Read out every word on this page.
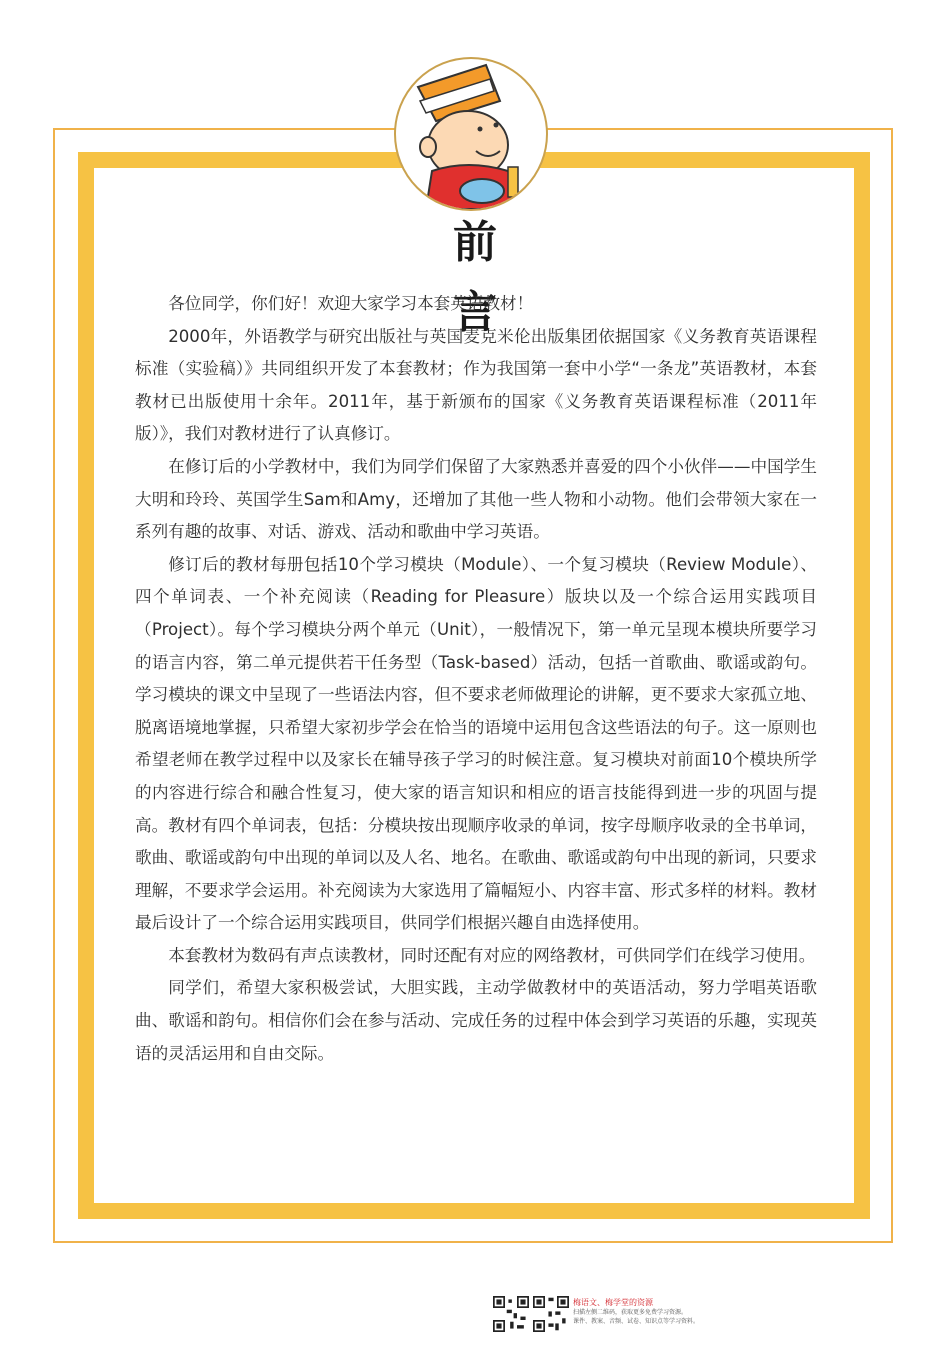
前言

各位同学，你们好！欢迎大家学习本套英语教材！

2000年，外语教学与研究出版社与英国麦克米伦出版集团依据国家《义务教育英语课程标准（实验稿）》共同组织开发了本套教材；作为我国第一套中小学“一条龙”英语教材，本套教材已出版使用十余年。2011年，基于新颁布的国家《义务教育英语课程标准（2011年版）》，我们对教材进行了认真修订。

在修订后的小学教材中，我们为同学们保留了大家熟悉并喜爱的四个小伙伴——中国学生大明和玲玲、英国学生Sam和Amy，还增加了其他一些人物和小动物。他们会带领大家在一系列有趣的故事、对话、游戏、活动和歌曲中学习英语。

修订后的教材每册包括10个学习模块（Module）、一个复习模块（Review Module）、四个单词表、一个补充阅读（Reading for Pleasure）版块以及一个综合运用实践项目（Project）。每个学习模块分两个单元（Unit），一般情况下，第一单元呈现本模块所要学习的语言内容，第二单元提供若干任务型（Task-based）活动，包括一首歌曲、歌谣或韵句。学习模块的课文中呈现了一些语法内容，但不要求老师做理论的讲解，更不要求大家孤立地、脱离语境地掌握，只希望大家初步学会在恰当的语境中运用包含这些语法的句子。这一原则也希望老师在教学过程中以及家长在辅导孩子学习的时候注意。复习模块对前面10个模块所学的内容进行综合和融合性复习，使大家的语言知识和相应的语言技能得到进一步的巩固与提高。教材有四个单词表，包括：分模块按出现顺序收录的单词，按字母顺序收录的全书单词，歌曲、歌谣或韵句中出现的单词以及人名、地名。在歌曲、歌谣或韵句中出现的新词，只要求理解，不要求学会运用。补充阅读为大家选用了篇幅短小、内容丰富、形式多样的材料。教材最后设计了一个综合运用实践项目，供同学们根据兴趣自由选择使用。

本套教材为数码有声点读教材，同时还配有对应的网络教材，可供同学们在线学习使用。

同学们，希望大家积极尝试，大胆实践，主动学做教材中的英语活动，努力学唱英语歌曲、歌谣和韵句。相信你们会在参与活动、完成任务的过程中体会到学习英语的乐趣，实现英语的灵活运用和自由交际。

梅语文、梅学堂的资源
扫描左侧二维码，获取更多免费学习资源。
课件、教案、音频、试卷、知识点等学习资料。
